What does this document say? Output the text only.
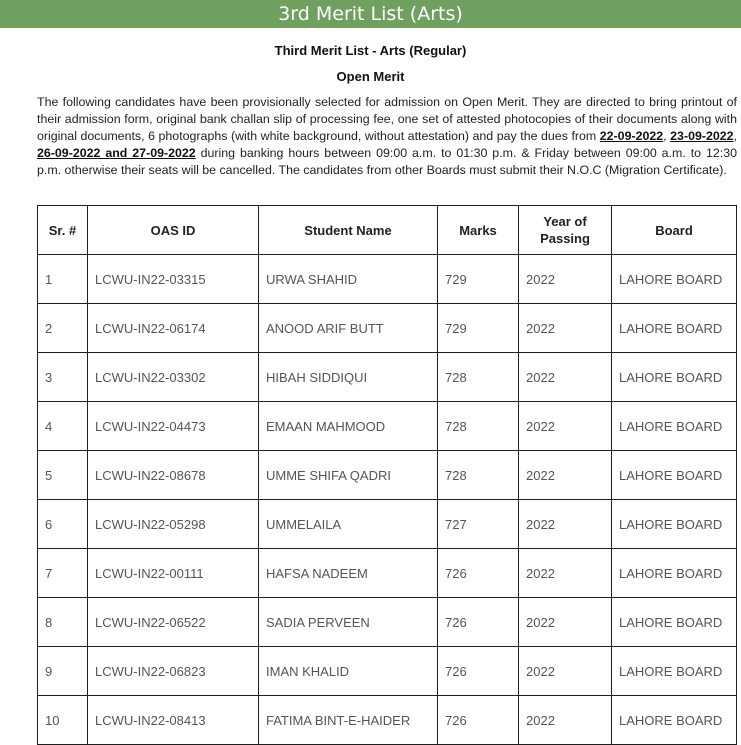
3rd Merit List (Arts)
Third Merit List - Arts (Regular)
Open Merit

The following candidates have been provisionally selected for admission on Open Merit. They are directed to bring printout of their admission form, original bank challan slip of processing fee, one set of attested photocopies of their documents along with original documents, 6 photographs (with white background, without attestation) and pay the dues from 22-09-2022, 23-09-2022, 26-09-2022 and 27-09-2022 during banking hours between 09:00 a.m. to 01:30 p.m. & Friday between 09:00 a.m. to 12:30 p.m. otherwise their seats will be cancelled. The candidates from other Boards must submit their N.O.C (Migration Certificate).

Sr. #	OAS ID	Student Name	Marks	Year of Passing	Board
1	LCWU-IN22-03315	URWA SHAHID	729	2022	LAHORE BOARD
2	LCWU-IN22-06174	ANOOD ARIF BUTT	729	2022	LAHORE BOARD
3	LCWU-IN22-03302	HIBAH SIDDIQUI	728	2022	LAHORE BOARD
4	LCWU-IN22-04473	EMAAN MAHMOOD	728	2022	LAHORE BOARD
5	LCWU-IN22-08678	UMME SHIFA QADRI	728	2022	LAHORE BOARD
6	LCWU-IN22-05298	UMMELAILA	727	2022	LAHORE BOARD
7	LCWU-IN22-00111	HAFSA NADEEM	726	2022	LAHORE BOARD
8	LCWU-IN22-06522	SADIA PERVEEN	726	2022	LAHORE BOARD
9	LCWU-IN22-06823	IMAN KHALID	726	2022	LAHORE BOARD
10	LCWU-IN22-08413	FATIMA BINT-E-HAIDER	726	2022	LAHORE BOARD
